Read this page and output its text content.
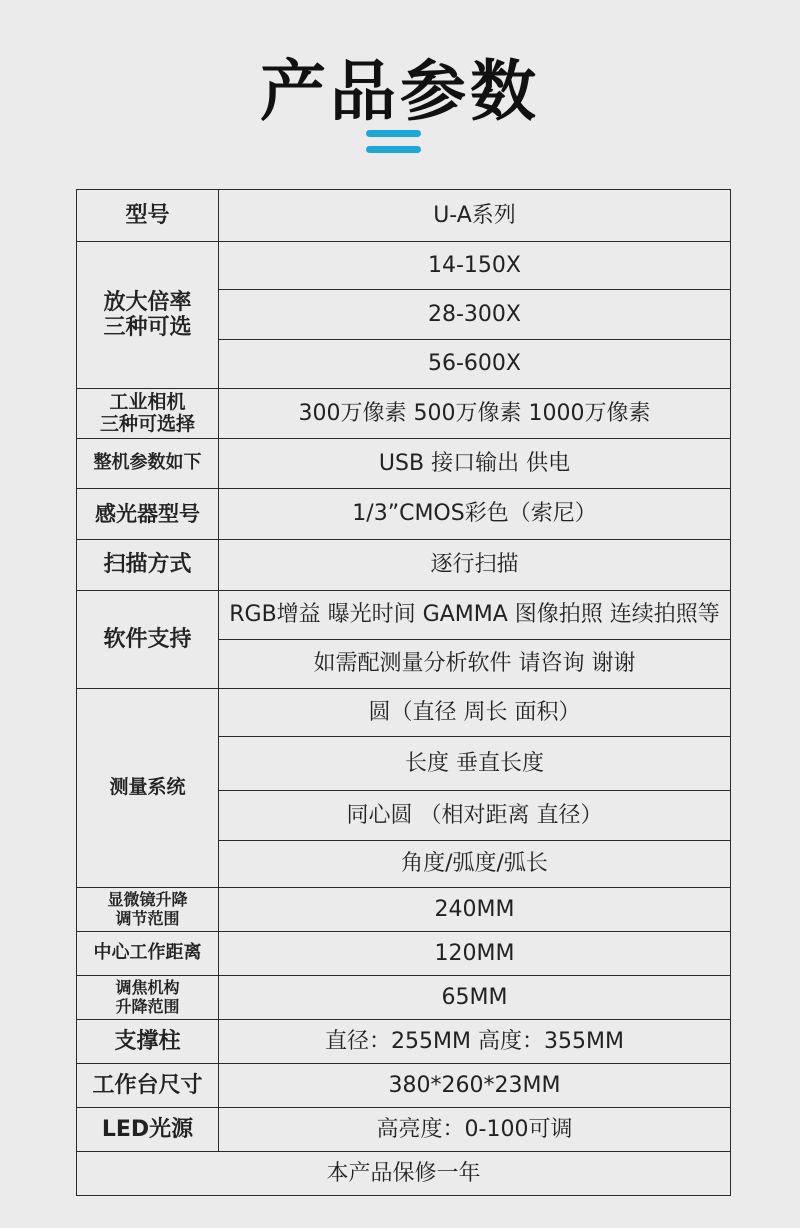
产品参数
型号	U-A系列

放大倍率
三种可选	14-150X
	28-300X
	56-600X

工业相机
三种可选择	300万像素 500万像素 1000万像素
整机参数如下	USB 接口输出 供电
感光器型号	1/3”CMOS彩色（索尼）
扫描方式	逐行扫描
软件支持	RGB增益 曝光时间 GAMMA 图像拍照 连续拍照等
	如需配测量分析软件 请咨询 谢谢
测量系统	圆（直径 周长 面积）
	长度 垂直长度
	同心圆 （相对距离 直径）
	角度/弧度/弧长

显微镜升降
调节范围	240MM
中心工作距离	120MM

调焦机构
升降范围	65MM
支撑柱	直径：255MM 高度：355MM
工作台尺寸	380*260*23MM
LED光源	高亮度：0-100可调
本产品保修一年	
